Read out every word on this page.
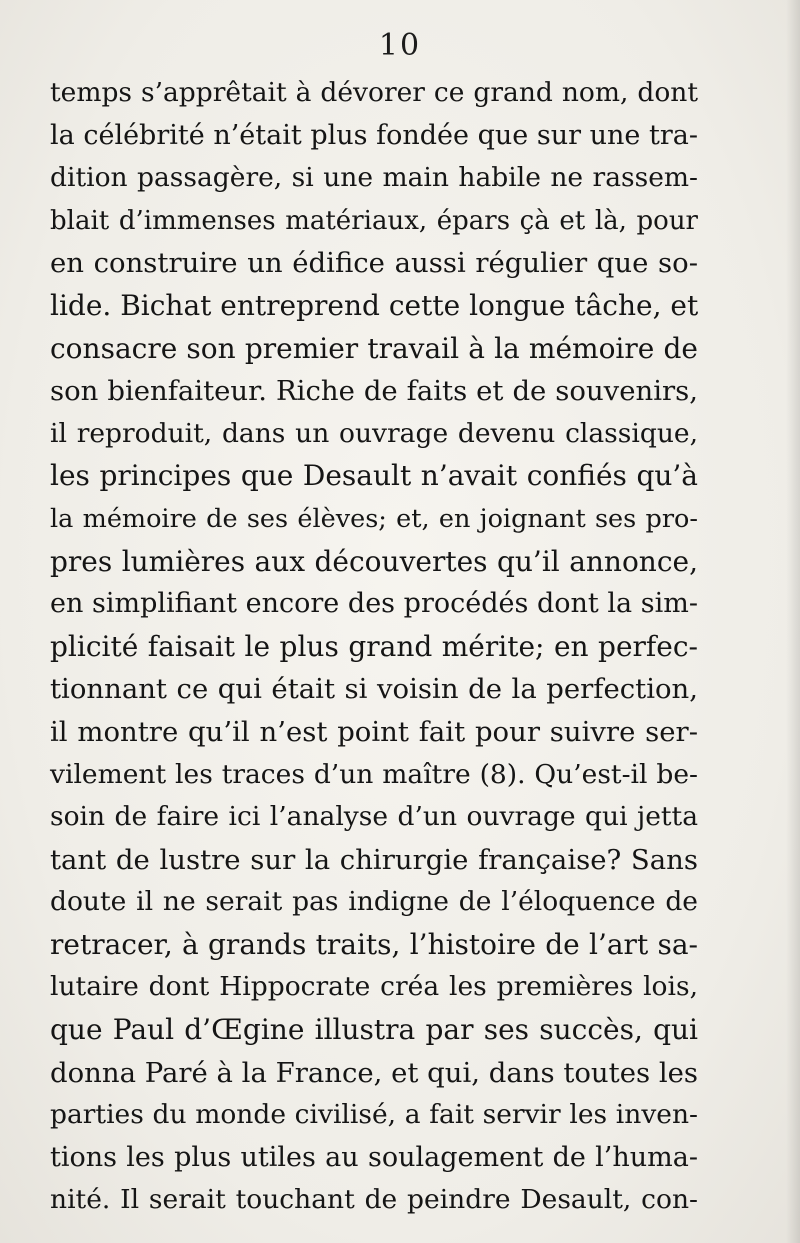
10
temps s’apprêtait à dévorer ce grand nom, dont
la célébrité n’était plus fondée que sur une tra-
dition passagère, si une main habile ne rassem-
blait d’immenses matériaux, épars çà et là, pour
en construire un édifice aussi régulier que so-
lide. Bichat entreprend cette longue tâche, et
consacre son premier travail à la mémoire de
son bienfaiteur. Riche de faits et de souvenirs,
il reproduit, dans un ouvrage devenu classique,
les principes que Desault n’avait confiés qu’à
la mémoire de ses élèves; et, en joignant ses pro-
pres lumières aux découvertes qu’il annonce,
en simplifiant encore des procédés dont la sim-
plicité faisait le plus grand mérite; en perfec-
tionnant ce qui était si voisin de la perfection,
il montre qu’il n’est point fait pour suivre ser-
vilement les traces d’un maître (8). Qu’est-il be-
soin de faire ici l’analyse d’un ouvrage qui jetta
tant de lustre sur la chirurgie française? Sans
doute il ne serait pas indigne de l’éloquence de
retracer, à grands traits, l’histoire de l’art sa-
lutaire dont Hippocrate créa les premières lois,
que Paul d’Œgine illustra par ses succès, qui
donna Paré à la France, et qui, dans toutes les
parties du monde civilisé, a fait servir les inven-
tions les plus utiles au soulagement de l’huma-
nité. Il serait touchant de peindre Desault, con-
